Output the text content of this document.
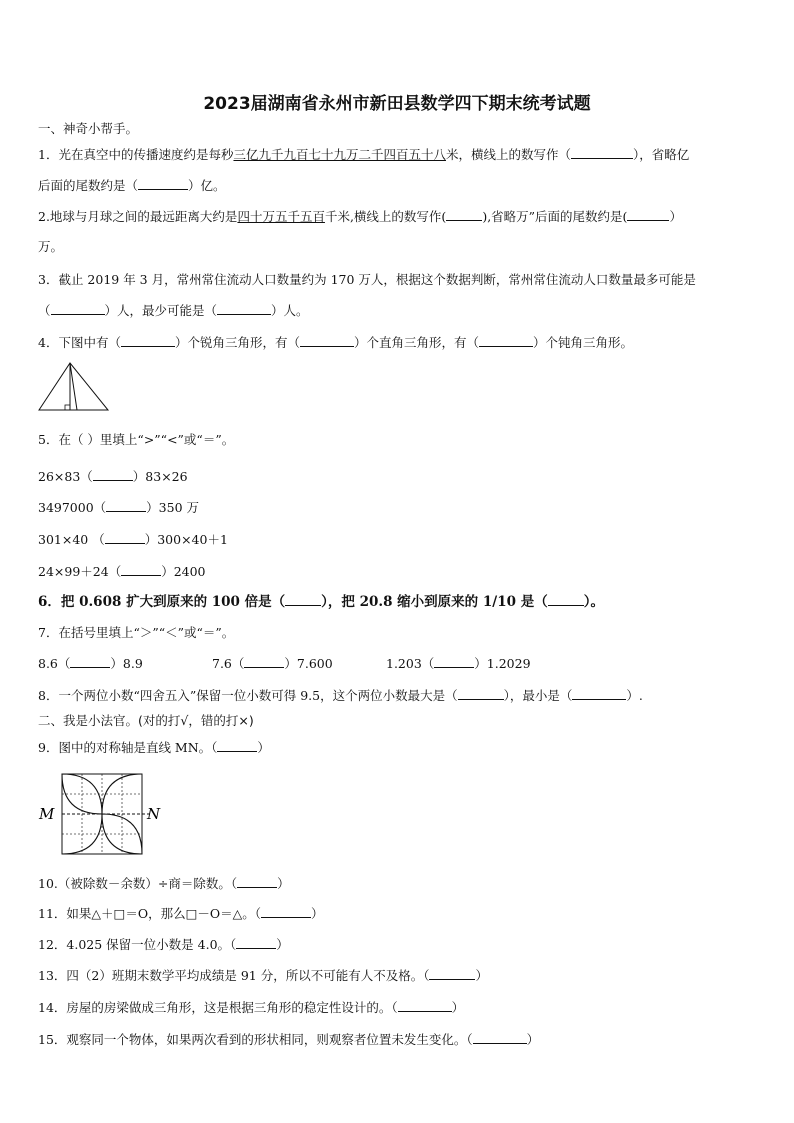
2023届湖南省永州市新田县数学四下期末统考试题
一、神奇小帮手。
1．光在真空中的传播速度约是每秒三亿九千九百七十九万二千四百五十八米，横线上的数写作（	），省略亿
后面的尾数约是（	）亿。
2.地球与月球之间的最远距离大约是四十万五千五百千米,横线上的数写作(	),省略万”后面的尾数约是(	）
万。
3．截止 2019 年 3 月，常州常住流动人口数量约为 170 万人，根据这个数据判断，常州常住流动人口数量最多可能是
（	）人，最少可能是（	）人。
4．下图中有（	）个锐角三角形，有（	）个直角三角形，有（	）个钝角三角形。
5．在（ ）里填上“>”“<”或“＝”。
26×83（	）83×26
3497000（	）350 万
301×40 （	）300×40＋1
24×99＋24（	）2400
6．把 0.608 扩大到原来的 100 倍是（	），把 20.8 缩小到原来的 1/10 是（	）。
7．在括号里填上“＞”“＜”或“＝”。
8.6（	）8.9	7.6（	）7.600	1.203（	）1.2029
8．一个两位小数“四舍五入”保留一位小数可得 9.5，这个两位小数最大是（	），最小是（	）.
二、我是小法官。(对的打√，错的打×)
9．图中的对称轴是直线 MN。（	）
M	N
10.（被除数－余数）÷商＝除数。（	）
11．如果△＋□＝O，那么□－O＝△。（	）
12．4.025 保留一位小数是 4.0。（	）
13．四（2）班期末数学平均成绩是 91 分，所以不可能有人不及格。（	）
14．房屋的房梁做成三角形，这是根据三角形的稳定性设计的。（	）
15．观察同一个物体，如果两次看到的形状相同，则观察者位置未发生变化。（	）
